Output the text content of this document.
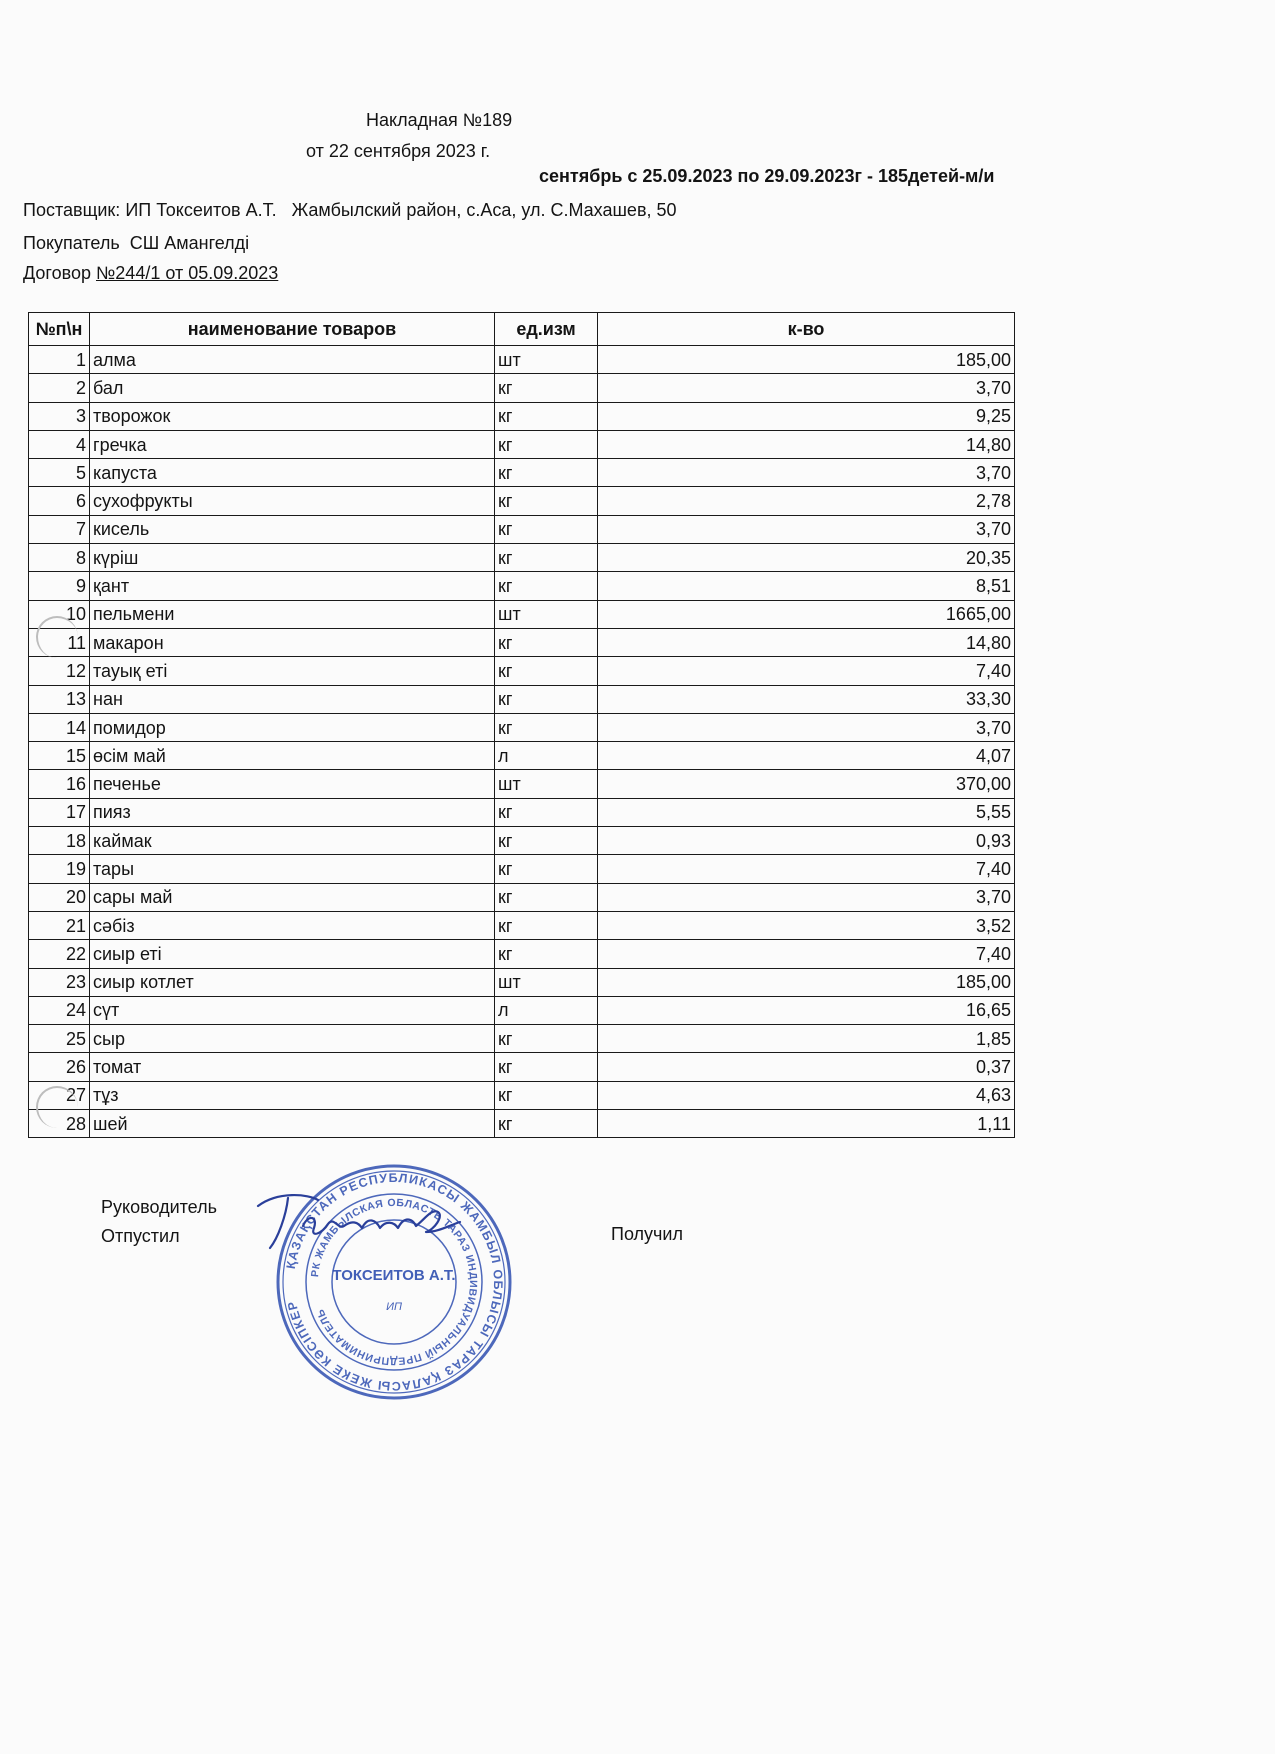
Накладная №189
от 22 сентября 2023 г.
сентябрь с 25.09.2023 по 29.09.2023г - 185детей-м/и
Поставщик: ИП Токсеитов А.Т.   Жамбылский район, с.Аса, ул. С.Махашев, 50
Покупатель СШ Амангелді
Договор №244/1 от 05.09.2023
№п\н	наименование товаров	ед.изм	к-во
1	алма	шт	185,00
2	бал	кг	3,70
3	творожок	кг	9,25
4	гречка	кг	14,80
5	капуста	кг	3,70
6	сухофрукты	кг	2,78
7	кисель	кг	3,70
8	күріш	кг	20,35
9	қант	кг	8,51
10	пельмени	шт	1665,00
11	макарон	кг	14,80
12	тауық еті	кг	7,40
13	нан	кг	33,30
14	помидор	кг	3,70
15	өсім май	л	4,07
16	печенье	шт	370,00
17	пияз	кг	5,55
18	каймак	кг	0,93
19	тары	кг	7,40
20	сары май	кг	3,70
21	сәбіз	кг	3,52
22	сиыр еті	кг	7,40
23	сиыр котлет	шт	185,00
24	сүт	л	16,65
25	сыр	кг	1,85
26	томат	кг	0,37
27	тұз	кг	4,63
28	шей	кг	1,11
Руководитель
Отпустил	Получил
ҚАЗАҚСТАН РЕСПУБЛИКАСЫ ЖАМБЫЛ ОБЛЫСЫ ТАРАЗ ҚАЛАСЫ ЖЕКЕ КӘСІПКЕР
РК ЖАМБЫЛСКАЯ ОБЛАСТЬ ТАРАЗ ИНДИВИДУАЛЬНЫЙ ПРЕДПРИНИМАТЕЛЬ
ТОКСЕИТОВ А.Т.
ИП
